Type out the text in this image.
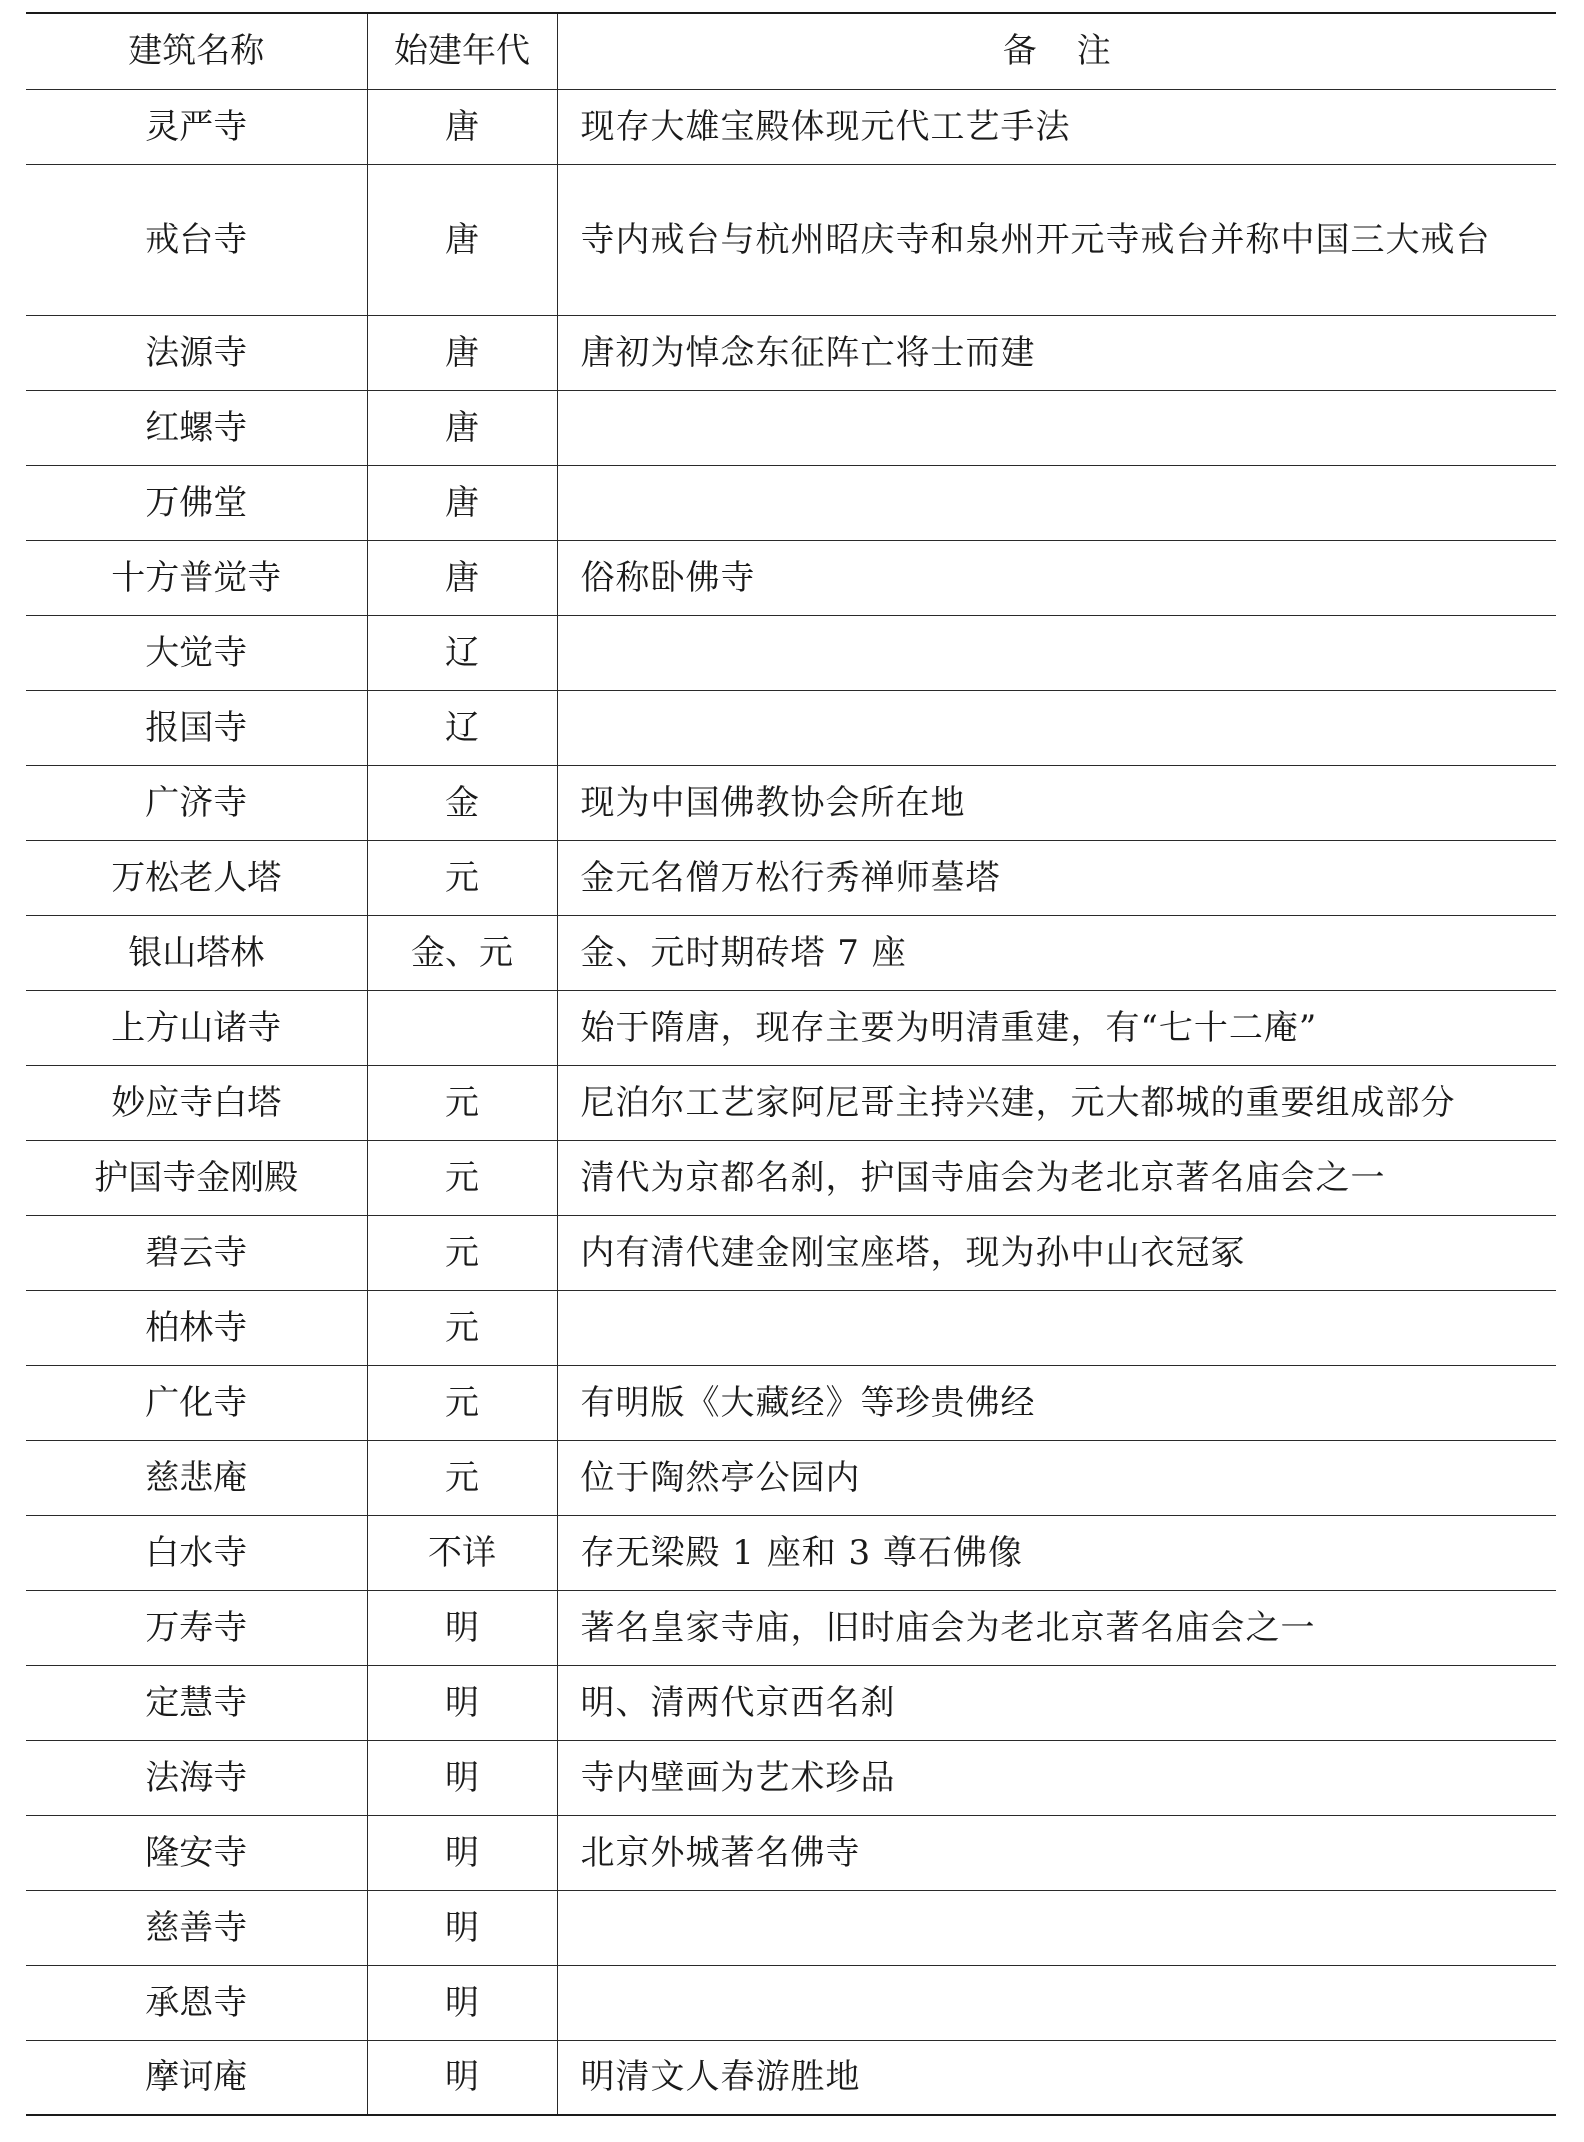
建筑名称	始建年代	备注
灵严寺	唐	现存大雄宝殿体现元代工艺手法
戒台寺	唐	寺内戒台与杭州昭庆寺和泉州开元寺戒台并称中国三大戒台
法源寺	唐	唐初为悼念东征阵亡将士而建
红螺寺	唐	
万佛堂	唐	
十方普觉寺	唐	俗称卧佛寺
大觉寺	辽	
报国寺	辽	
广济寺	金	现为中国佛教协会所在地
万松老人塔	元	金元名僧万松行秀禅师墓塔
银山塔林	金、元	金、元时期砖塔 7 座
上方山诸寺		始于隋唐，现存主要为明清重建，有“七十二庵”
妙应寺白塔	元	尼泊尔工艺家阿尼哥主持兴建，元大都城的重要组成部分
护国寺金刚殿	元	清代为京都名刹，护国寺庙会为老北京著名庙会之一
碧云寺	元	内有清代建金刚宝座塔，现为孙中山衣冠冢
柏林寺	元	
广化寺	元	有明版《大藏经》等珍贵佛经
慈悲庵	元	位于陶然亭公园内
白水寺	不详	存无梁殿 1 座和 3 尊石佛像
万寿寺	明	著名皇家寺庙，旧时庙会为老北京著名庙会之一
定慧寺	明	明、清两代京西名刹
法海寺	明	寺内壁画为艺术珍品
隆安寺	明	北京外城著名佛寺
慈善寺	明	
承恩寺	明	
摩诃庵	明	明清文人春游胜地
